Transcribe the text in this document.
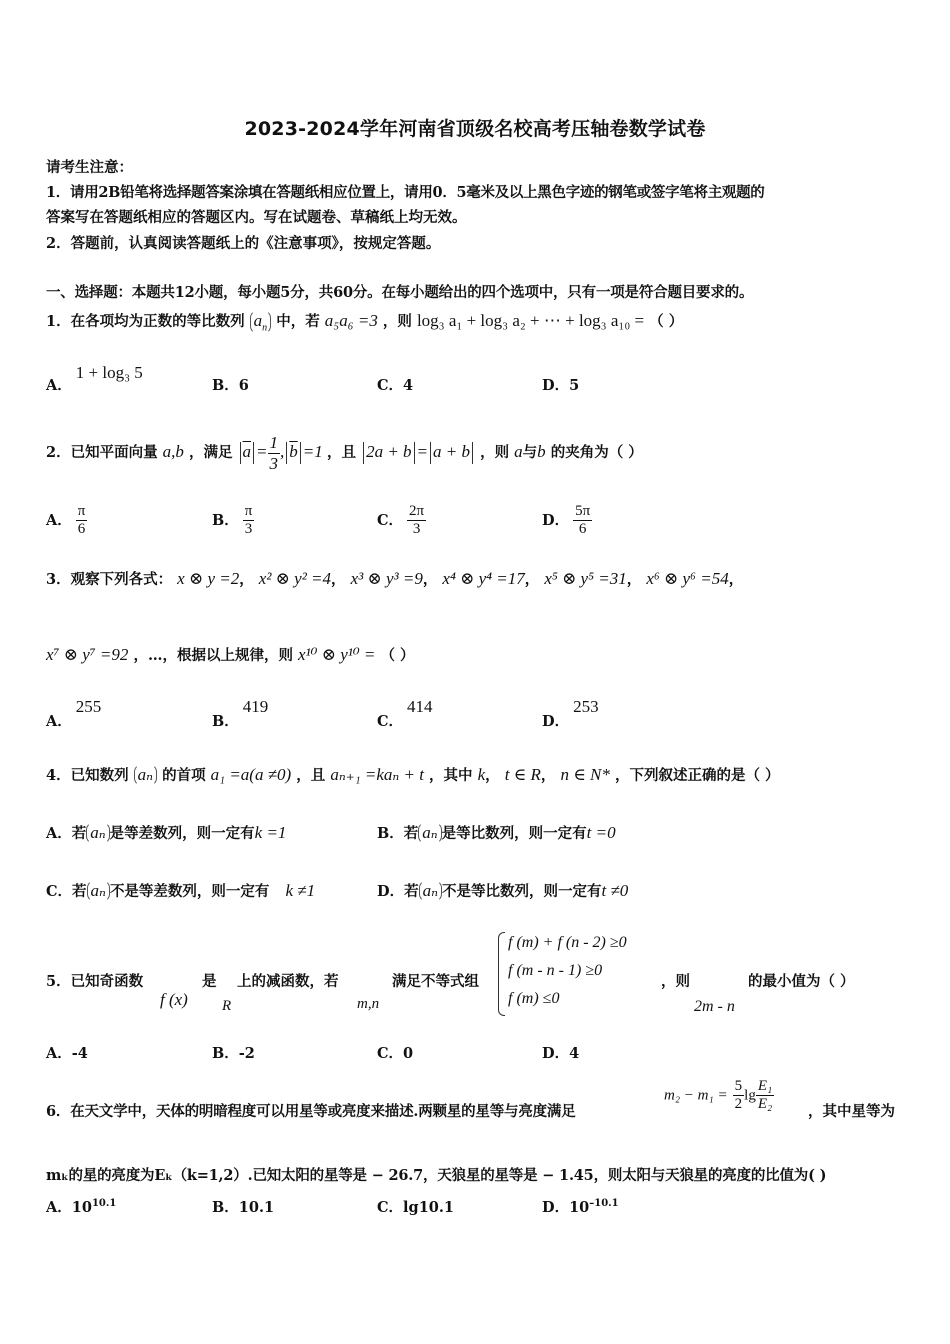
2023-2024学年河南省顶级名校高考压轴卷数学试卷
请考生注意：
1．请用2B铅笔将选择题答案涂填在答题纸相应位置上，请用0．5毫米及以上黑色字迹的钢笔或签字笔将主观题的
答案写在答题纸相应的答题区内。写在试题卷、草稿纸上均无效。
2．答题前，认真阅读答题纸上的《注意事项》，按规定答题。
一、选择题：本题共12小题，每小题5分，共60分。在每小题给出的四个选项中，只有一项是符合题目要求的。
1．在各项均为正数的等比数列 $a_n$ 中，若 a₅a₆ =3 ，则 log₃ a₁ + log₃ a₂ + ⋯ + log₃ a₁₀ = （ ）
A．1 + log₃ 5
B．6	C．4	D．5
2．已知平面向量 a,b ，满足 $\overline{a} = \frac{1}{3}$ , $\overline{b} =1$ ，且 2a + b = a + b ，则 a与b 的夹角为（ ）
A． $\frac{\pi}{6}$	B． $\frac{\pi}{3}$	C． $\frac{2\pi}{3}$	D． $\frac{5\pi}{6}$
3．观察下列各式： x ⊗ y =2， x² ⊗ y² =4， x³ ⊗ y³ =9， x⁴ ⊗ y⁴ =17， x⁵ ⊗ y⁵ =31， x⁶ ⊗ y⁶ =54，
x⁷ ⊗ y⁷ =92 ，…，根据以上规律，则 x¹⁰ ⊗ y¹⁰ = （ ）
A．255
B．419
C．414
D．253
4．已知数列 aₙ 的首项 a₁ =a(a ≠0) ，且 aₙ₊₁ =kaₙ + t ，其中 k， t ∈ R， n ∈ N* ，下列叙述正确的是（ ）
A．若 aₙ 是等差数列，则一定有k =1	B．若 aₙ 是等比数列，则一定有t =0
C．若 aₙ 不是等差数列，则一定有 k ≠1	D．若 aₙ 不是等比数列，则一定有t ≠0
5．已知奇函数
f (x)
是
R
上的减函数，若
m,n
满足不等式组
f (m) + f (n - 2) ≥0
f (m - n - 1) ≥0
f (m) ≤0
，则
2m - n
的最小值为（ ）
A．-4	B．-2	C．0	D．4
6．在天文学中，天体的明暗程度可以用星等或亮度来描述.两颗星的星等与亮度满足
$m_2 - m_1 = \frac{5}{2}$ $\lg \frac{\text{E₁}}{\text{E₂}}$ ，其中星等为
mₖ的星的亮度为Eₖ（k=1,2）.已知太阳的星等是 − 26.7，天狼星的星等是 − 1.45，则太阳与天狼星的亮度的比值为( )
A．$10^{10.1}$	B．10.1	C．lg10.1	D．$10^{-10.1}$
